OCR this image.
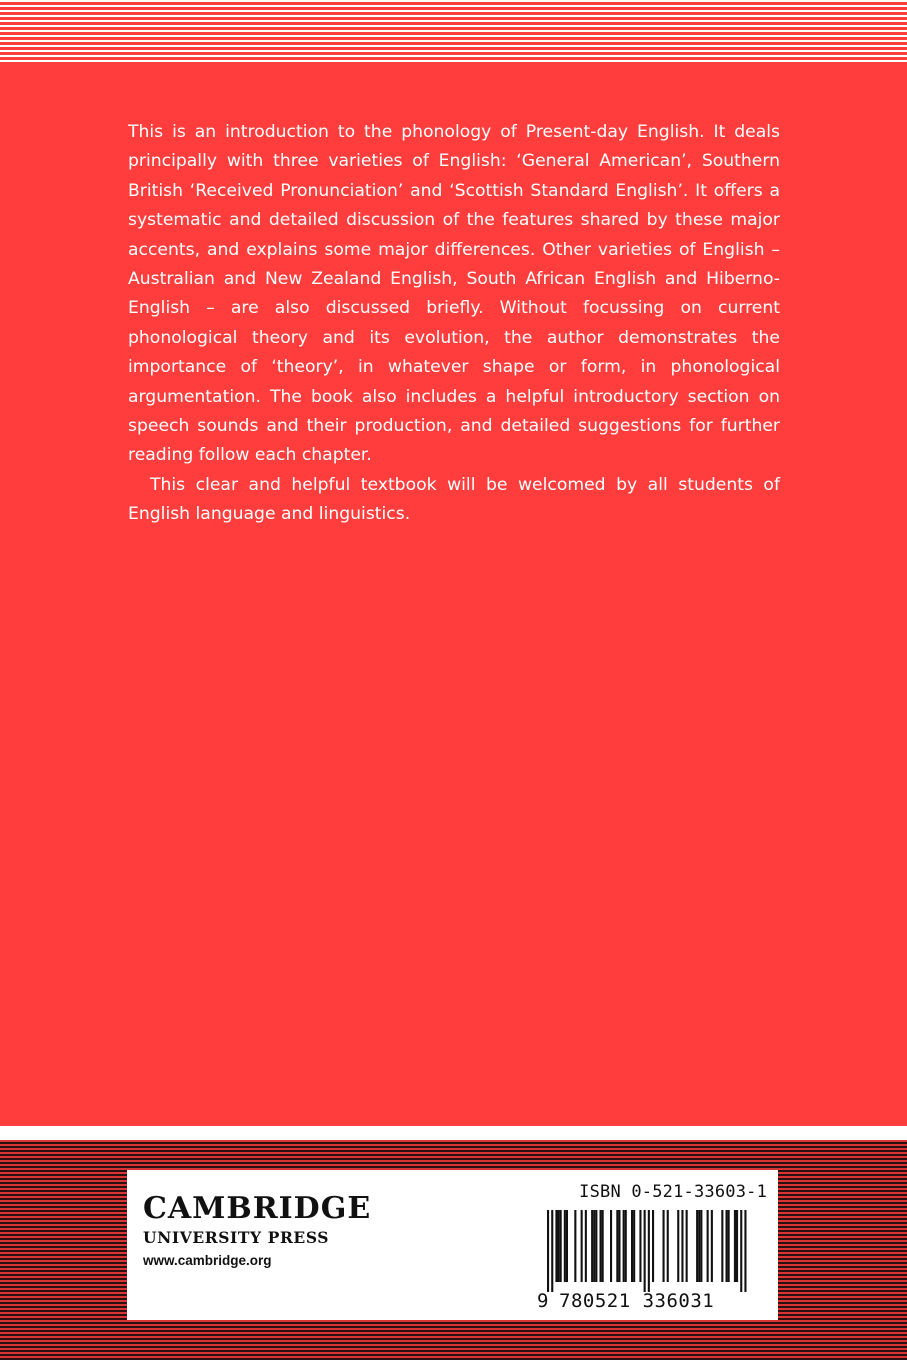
This is an introduction to the phonology of Present-day English. It deals principally with three varieties of English: ‘General American’, Southern British ‘Received Pronunciation’ and ‘Scottish Standard English’. It offers a systematic and detailed discussion of the features shared by these major accents, and explains some major differences. Other varieties of English – Australian and New Zealand English, South African English and Hiberno-English – are also discussed briefly. Without focussing on current phonological theory and its evolution, the author demonstrates the importance of ‘theory’, in whatever shape or form, in phonological argumentation. The book also includes a helpful introductory section on speech sounds and their production, and detailed suggestions for further reading follow each chapter.

This clear and helpful textbook will be welcomed by all students of English language and linguistics.

CAMBRIDGE
UNIVERSITY PRESS
www.cambridge.org
ISBN 0-521-33603-1
9 780521 336031
